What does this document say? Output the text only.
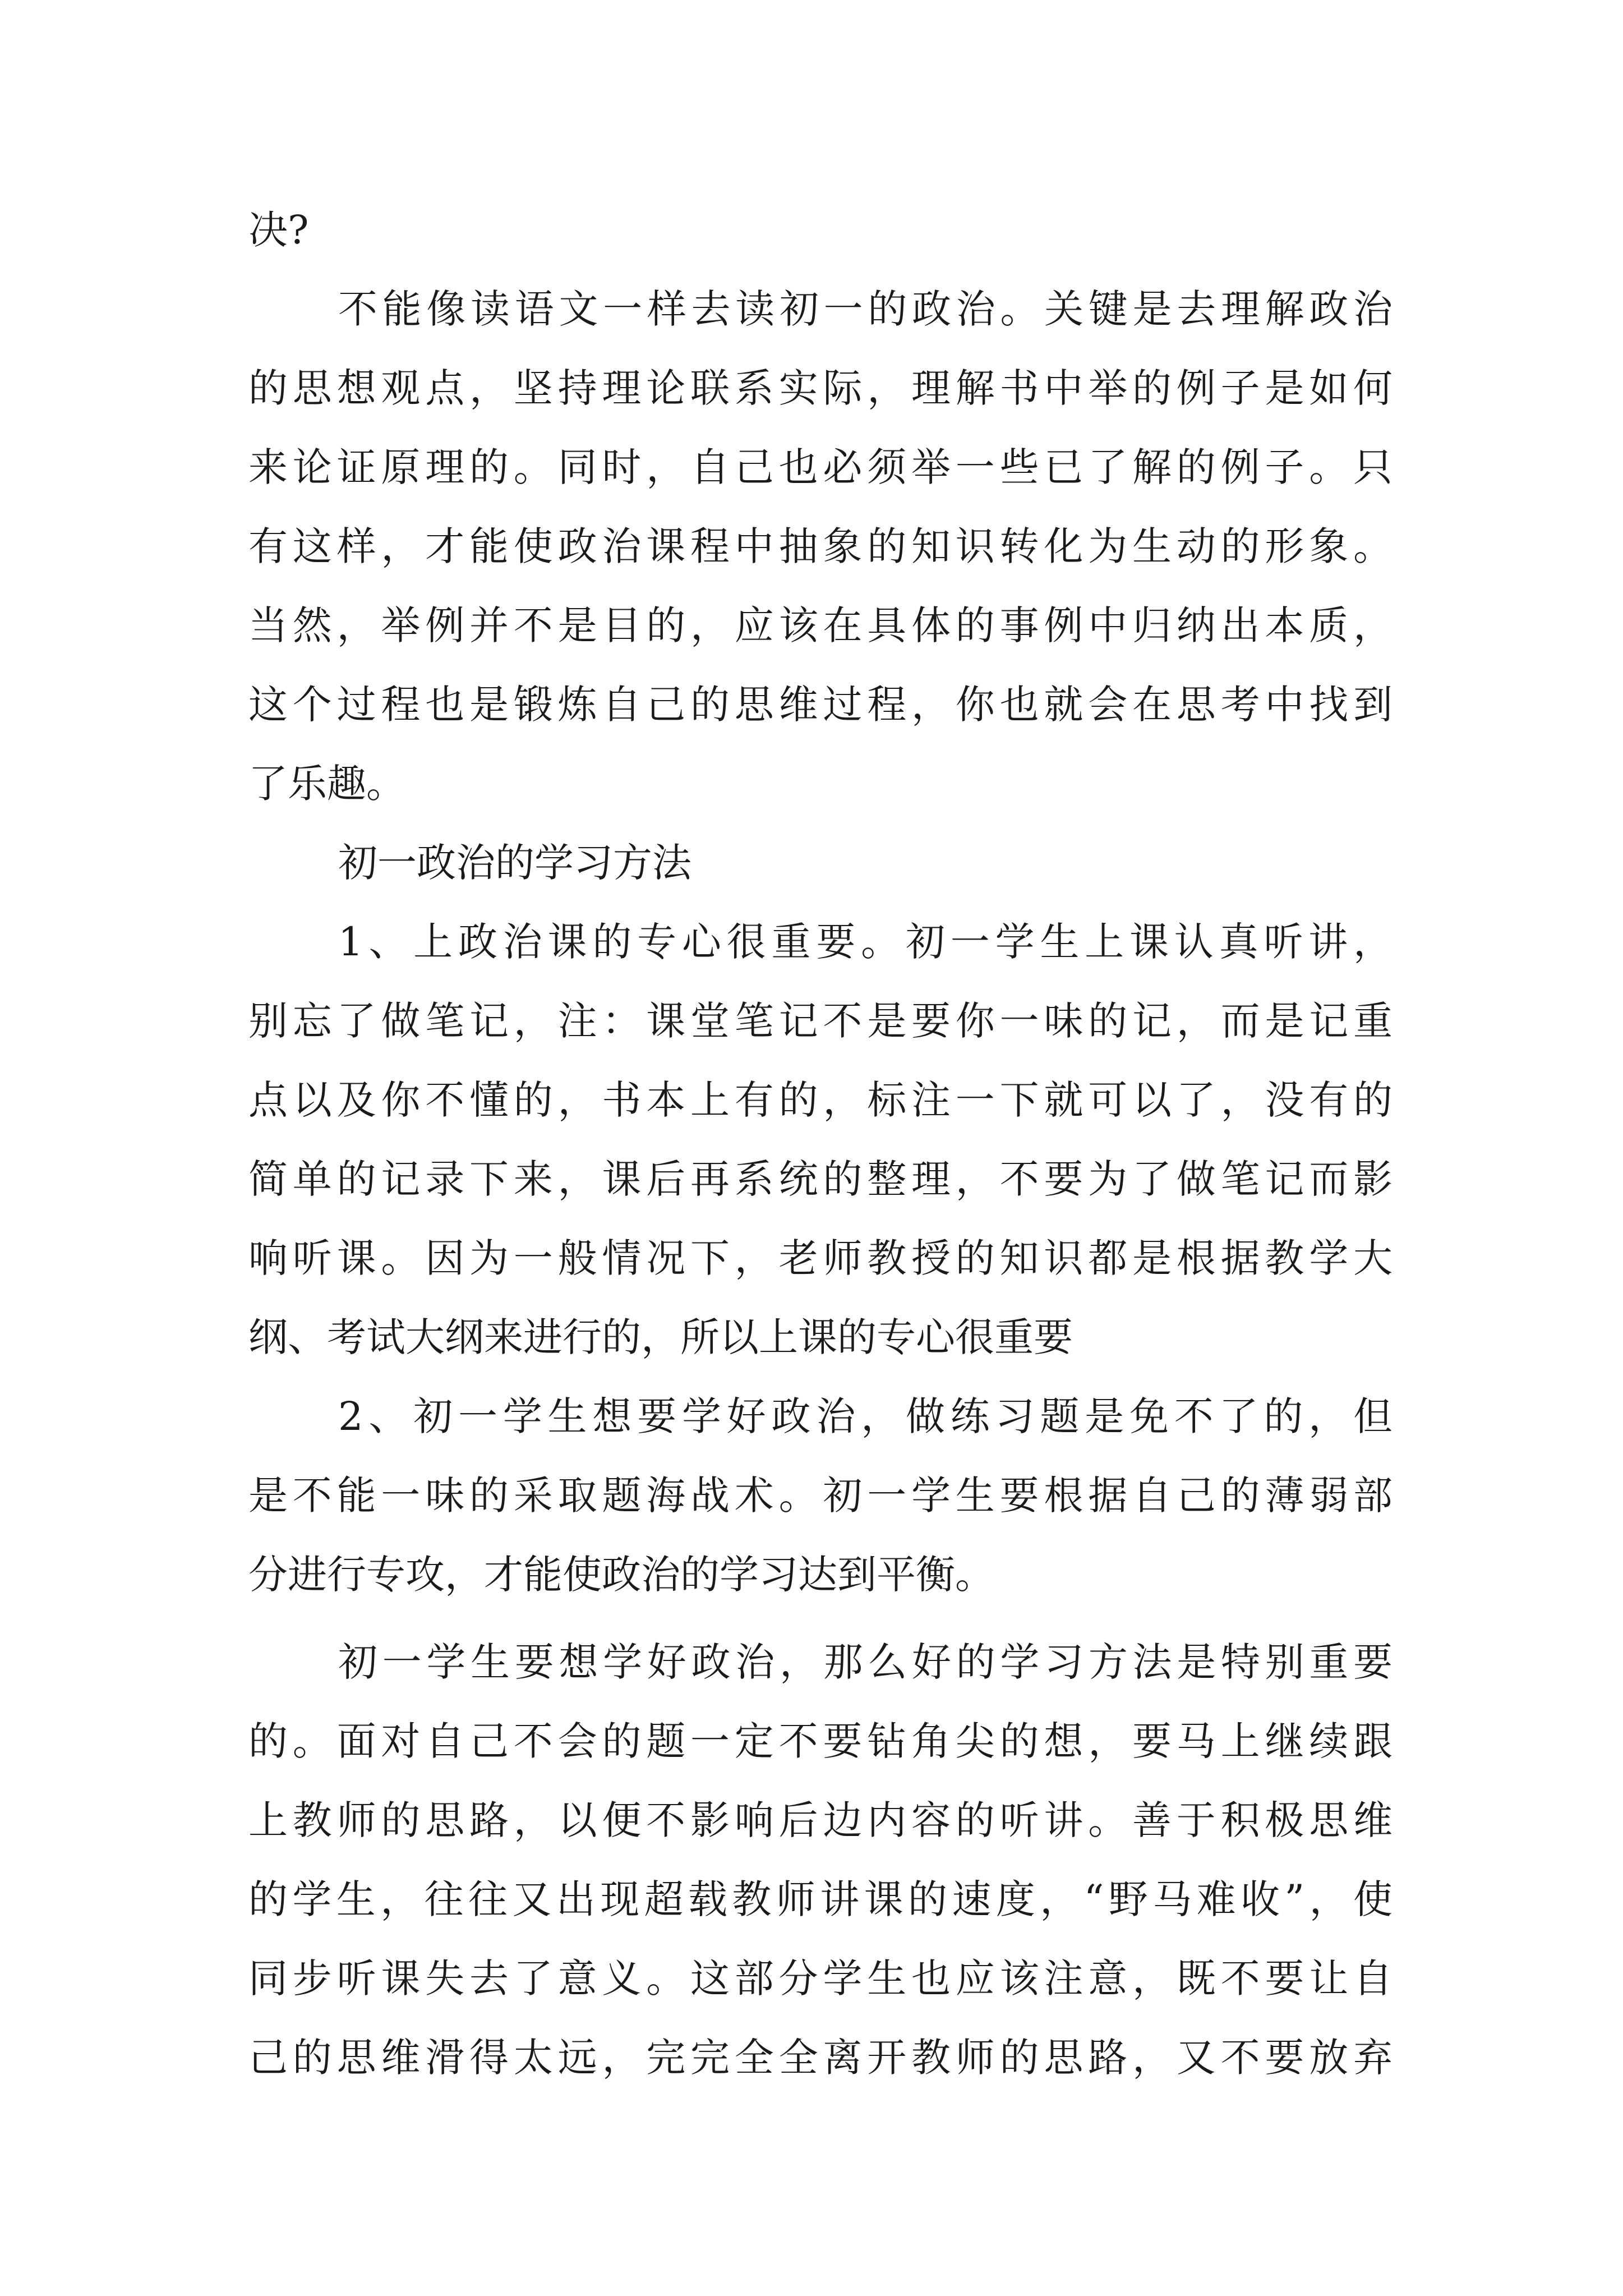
决?
不能像读语文一样去读初一的政治。关键是去理解政治
的思想观点，坚持理论联系实际，理解书中举的例子是如何
来论证原理的。同时，自己也必须举一些已了解的例子。只
有这样，才能使政治课程中抽象的知识转化为生动的形象。
当然，举例并不是目的，应该在具体的事例中归纳出本质，
这个过程也是锻炼自己的思维过程，你也就会在思考中找到
了乐趣。
初一政治的学习方法
1、上政治课的专心很重要。初一学生上课认真听讲，
别忘了做笔记，注：课堂笔记不是要你一味的记，而是记重
点以及你不懂的，书本上有的，标注一下就可以了，没有的
简单的记录下来，课后再系统的整理，不要为了做笔记而影
响听课。因为一般情况下，老师教授的知识都是根据教学大
纲、考试大纲来进行的，所以上课的专心很重要
2、初一学生想要学好政治，做练习题是免不了的，但
是不能一味的采取题海战术。初一学生要根据自己的薄弱部
分进行专攻，才能使政治的学习达到平衡。
初一学生要想学好政治，那么好的学习方法是特别重要
的。面对自己不会的题一定不要钻角尖的想，要马上继续跟
上教师的思路，以便不影响后边内容的听讲。善于积极思维
的学生，往往又出现超载教师讲课的速度，“野马难收”，使
同步听课失去了意义。这部分学生也应该注意，既不要让自
己的思维滑得太远，完完全全离开教师的思路，又不要放弃
